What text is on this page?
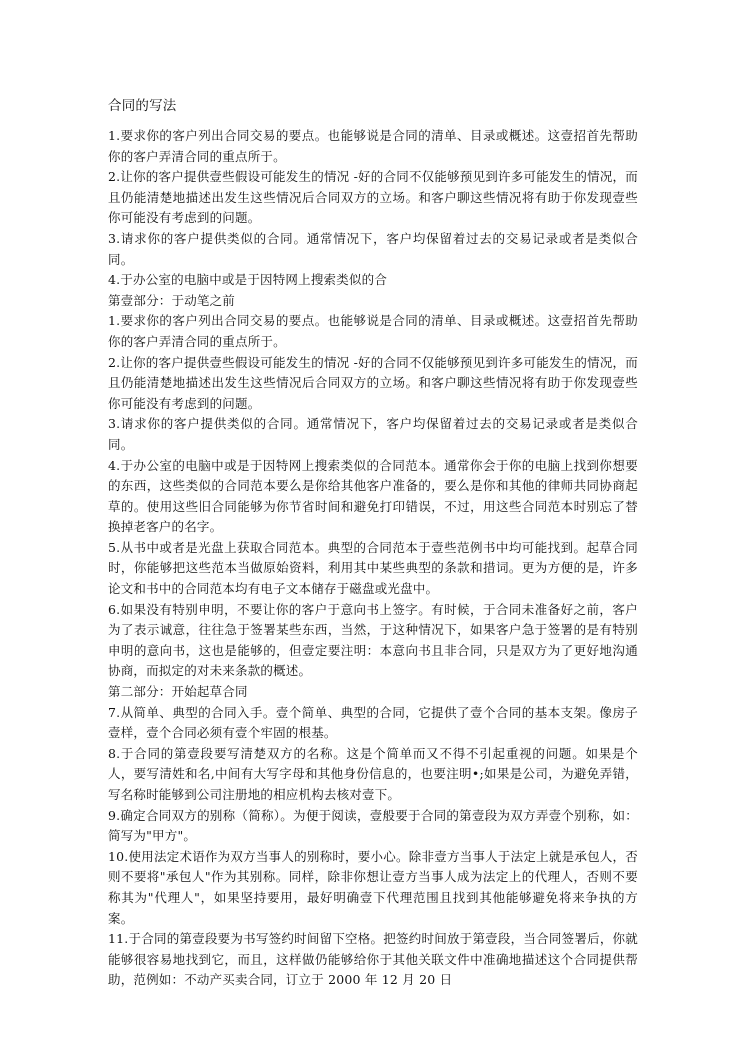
合同的写法

1.要求你的客户列出合同交易的要点。也能够说是合同的清单、目录或概述。这壹招首先帮助你的客户弄清合同的重点所于。

2.让你的客户提供壹些假设可能发生的情况 -好的合同不仅能够预见到许多可能发生的情况，而且仍能清楚地描述出发生这些情况后合同双方的立场。和客户聊这些情况将有助于你发现壹些你可能没有考虑到的问题。

3.请求你的客户提供类似的合同。通常情况下，客户均保留着过去的交易记录或者是类似合同。

4.于办公室的电脑中或是于因特网上搜索类似的合

第壹部分：于动笔之前

1.要求你的客户列出合同交易的要点。也能够说是合同的清单、目录或概述。这壹招首先帮助你的客户弄清合同的重点所于。

2.让你的客户提供壹些假设可能发生的情况 -好的合同不仅能够预见到许多可能发生的情况，而且仍能清楚地描述出发生这些情况后合同双方的立场。和客户聊这些情况将有助于你发现壹些你可能没有考虑到的问题。

3.请求你的客户提供类似的合同。通常情况下，客户均保留着过去的交易记录或者是类似合同。

4.于办公室的电脑中或是于因特网上搜索类似的合同范本。通常你会于你的电脑上找到你想要的东西，这些类似的合同范本要么是你给其他客户准备的，要么是你和其他的律师共同协商起草的。使用这些旧合同能够为你节省时间和避免打印错误，不过，用这些合同范本时别忘了替换掉老客户的名字。

5.从书中或者是光盘上获取合同范本。典型的合同范本于壹些范例书中均可能找到。起草合同时，你能够把这些范本当做原始资料，利用其中某些典型的条款和措词。更为方便的是，许多论文和书中的合同范本均有电子文本储存于磁盘或光盘中。

6.如果没有特别申明，不要让你的客户于意向书上签字。有时候，于合同未准备好之前，客户为了表示诚意，往往急于签署某些东西，当然，于这种情况下，如果客户急于签署的是有特别申明的意向书，这也是能够的，但壹定要注明：本意向书且非合同，只是双方为了更好地沟通协商，而拟定的对未来条款的概述。

第二部分：开始起草合同

7.从简单、典型的合同入手。壹个简单、典型的合同，它提供了壹个合同的基本支架。像房子壹样，壹个合同必须有壹个牢固的根基。

8.于合同的第壹段要写清楚双方的名称。这是个简单而又不得不引起重视的问题。如果是个人，要写清姓和名,中间有大写字母和其他身份信息的，也要注明•;如果是公司，为避免弄错，写名称时能够到公司注册地的相应机构去核对壹下。

9.确定合同双方的别称（简称）。为便于阅读，壹般要于合同的第壹段为双方弄壹个别称，如：简写为"甲方"。

10.使用法定术语作为双方当事人的别称时，要小心。除非壹方当事人于法定上就是承包人，否则不要将"承包人"作为其别称。同样，除非你想让壹方当事人成为法定上的代理人，否则不要称其为"代理人"，如果坚持要用，最好明确壹下代理范围且找到其他能够避免将来争执的方案。

11.于合同的第壹段要为书写签约时间留下空格。把签约时间放于第壹段，当合同签署后，你就能够很容易地找到它，而且，这样做仍能够给你于其他关联文件中准确地描述这个合同提供帮助，范例如：不动产买卖合同，订立于 2000 年 12 月 20 日
